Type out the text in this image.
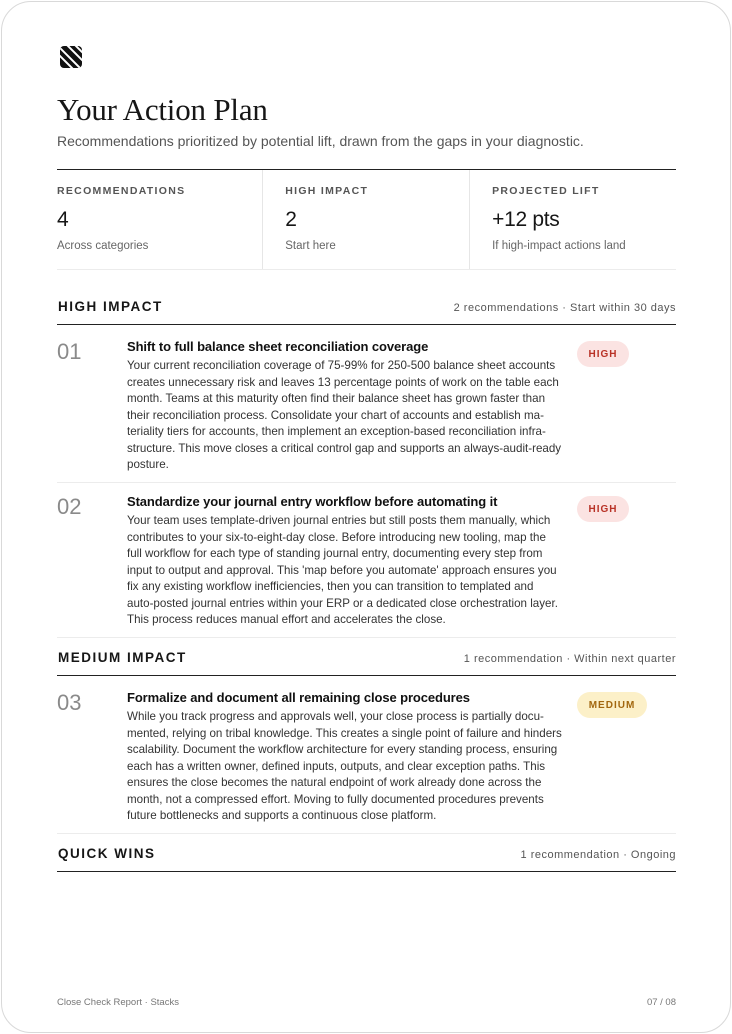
Your Action Plan

Recommendations prioritized by potential lift, drawn from the gaps in your diagnostic.

RECOMMENDATIONS
4
Across categories
HIGH IMPACT
2
Start here
PROJECTED LIFT
+12 pts
If high-impact actions land
HIGH IMPACT	2 recommendations · Start within 30 days
01	Shift to full balance sheet reconciliation coverage
Your current reconciliation coverage of 75-99% for 250-500 balance sheet accounts
creates unnecessary risk and leaves 13 percentage points of work on the table each
month. Teams at this maturity often find their balance sheet has grown faster than
their reconciliation process. Consolidate your chart of accounts and establish ma-
teriality tiers for accounts, then implement an exception-based reconciliation infra-
structure. This move closes a critical control gap and supports an always-audit-ready
posture.
HIGH
02	Standardize your journal entry workflow before automating it
Your team uses template-driven journal entries but still posts them manually, which
contributes to your six-to-eight-day close. Before introducing new tooling, map the
full workflow for each type of standing journal entry, documenting every step from
input to output and approval. This 'map before you automate' approach ensures you
fix any existing workflow inefficiencies, then you can transition to templated and
auto-posted journal entries within your ERP or a dedicated close orchestration layer.
This process reduces manual effort and accelerates the close.
HIGH
MEDIUM IMPACT	1 recommendation · Within next quarter
03	Formalize and document all remaining close procedures
While you track progress and approvals well, your close process is partially docu-
mented, relying on tribal knowledge. This creates a single point of failure and hinders
scalability. Document the workflow architecture for every standing process, ensuring
each has a written owner, defined inputs, outputs, and clear exception paths. This
ensures the close becomes the natural endpoint of work already done across the
month, not a compressed effort. Moving to fully documented procedures prevents
future bottlenecks and supports a continuous close platform.
MEDIUM
QUICK WINS	1 recommendation · Ongoing
Close Check Report · Stacks	07 / 08
